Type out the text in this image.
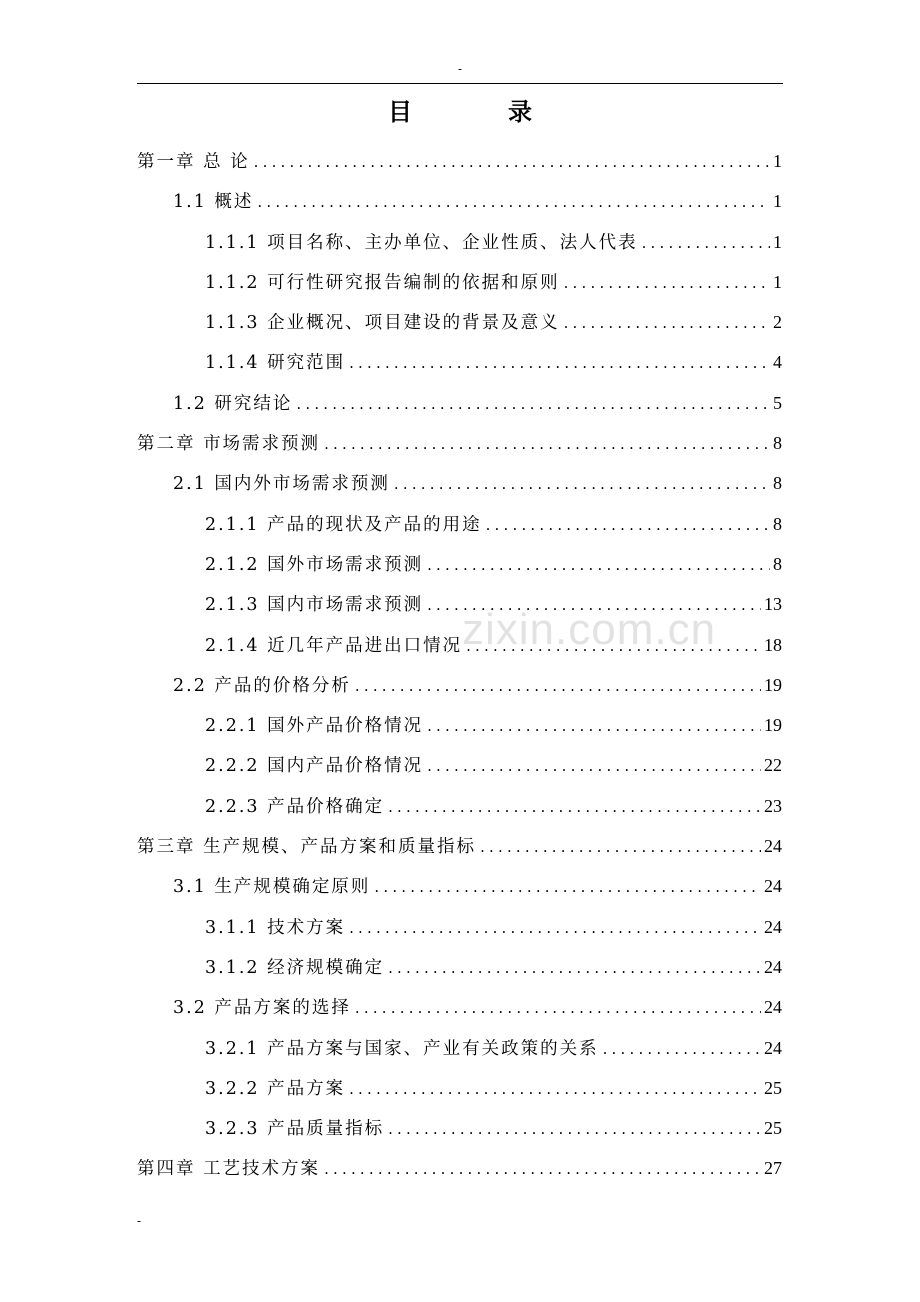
-
目	录
第一章 总 论 .....	1
1.1 概述 .....	1
1.1.1 项目名称、主办单位、企业性质、法人代表 .....	1
1.1.2 可行性研究报告编制的依据和原则 .....	1
1.1.3 企业概况、项目建设的背景及意义 .....	2
1.1.4 研究范围 .....	4
1.2 研究结论 .....	5
第二章 市场需求预测 .....	8
2.1 国内外市场需求预测 .....	8
2.1.1 产品的现状及产品的用途 .....	8
2.1.2 国外市场需求预测 .....	8
2.1.3 国内市场需求预测 .....	13
2.1.4 近几年产品进出口情况 .....	18
2.2 产品的价格分析 .....	19
2.2.1 国外产品价格情况 .....	19
2.2.2 国内产品价格情况 .....	22
2.2.3 产品价格确定 .....	23
第三章 生产规模、产品方案和质量指标 .....	24
3.1 生产规模确定原则 .....	24
3.1.1 技术方案 .....	24
3.1.2 经济规模确定 .....	24
3.2 产品方案的选择 .....	24
3.2.1 产品方案与国家、产业有关政策的关系 .....	24
3.2.2 产品方案 .....	25
3.2.3 产品质量指标 .....	25
第四章 工艺技术方案 .....	27
zixin.com.cn
-
